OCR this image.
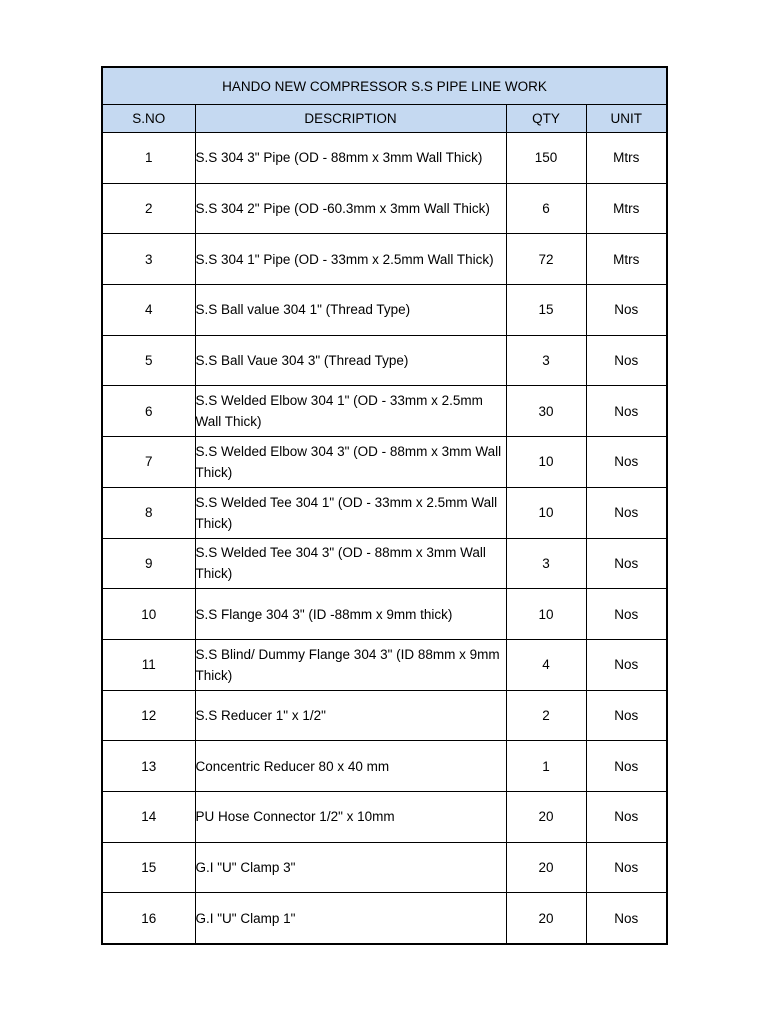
HANDO NEW COMPRESSOR S.S PIPE LINE WORK			
S.NO	DESCRIPTION	QTY	UNIT
1	S.S 304 3" Pipe (OD - 88mm x 3mm Wall Thick)	150	Mtrs
2	S.S 304 2" Pipe (OD -60.3mm x 3mm Wall Thick)	6	Mtrs
3	S.S 304 1" Pipe (OD - 33mm x 2.5mm Wall Thick)	72	Mtrs
4	S.S Ball value 304 1" (Thread Type)	15	Nos
5	S.S Ball Vaue 304 3" (Thread Type)	3	Nos
6	S.S Welded Elbow 304 1" (OD - 33mm x 2.5mm Wall Thick)	30	Nos
7	S.S Welded Elbow 304 3" (OD - 88mm x 3mm Wall Thick)	10	Nos
8	S.S Welded Tee 304 1" (OD - 33mm x 2.5mm Wall Thick)	10	Nos
9	S.S Welded Tee 304 3" (OD - 88mm x 3mm Wall Thick)	3	Nos
10	S.S Flange 304 3" (ID -88mm x 9mm thick)	10	Nos
11	S.S Blind/ Dummy Flange 304 3" (ID 88mm x 9mm Thick)	4	Nos
12	S.S Reducer 1" x 1/2"	2	Nos
13	Concentric Reducer 80 x 40 mm	1	Nos
14	PU Hose Connector 1/2" x 10mm	20	Nos
15	G.I "U" Clamp 3"	20	Nos
16	G.I "U" Clamp 1"	20	Nos
